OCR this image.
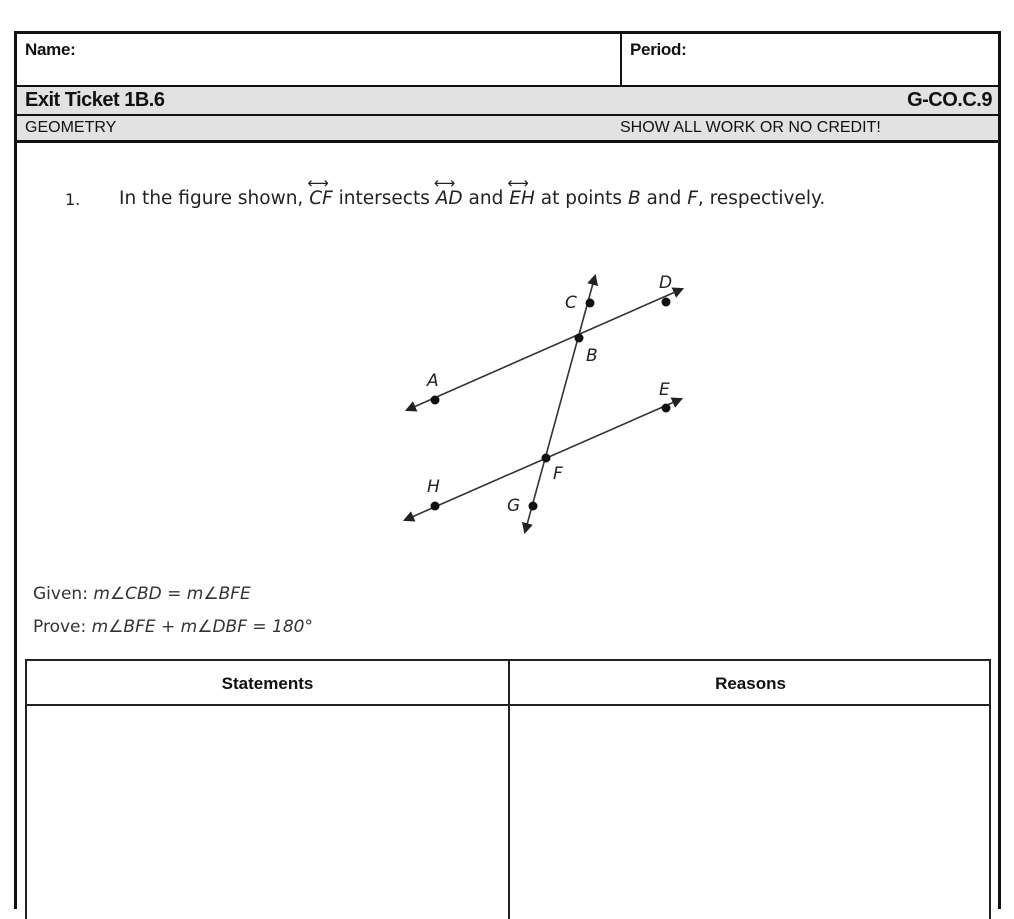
Name:	Period:
Exit Ticket 1B.6	G-CO.C.9
GEOMETRY	SHOW ALL WORK OR NO CREDIT!
1. In the figure shown, ⟷ CF intersects ⟷ AD and ⟷ EH at points B and F, respectively.
C
D
B
A	E
F
H
G
Given: m∠CBD = m∠BFE
Prove: m∠BFE + m∠DBF = 180°
Statements	Reasons
